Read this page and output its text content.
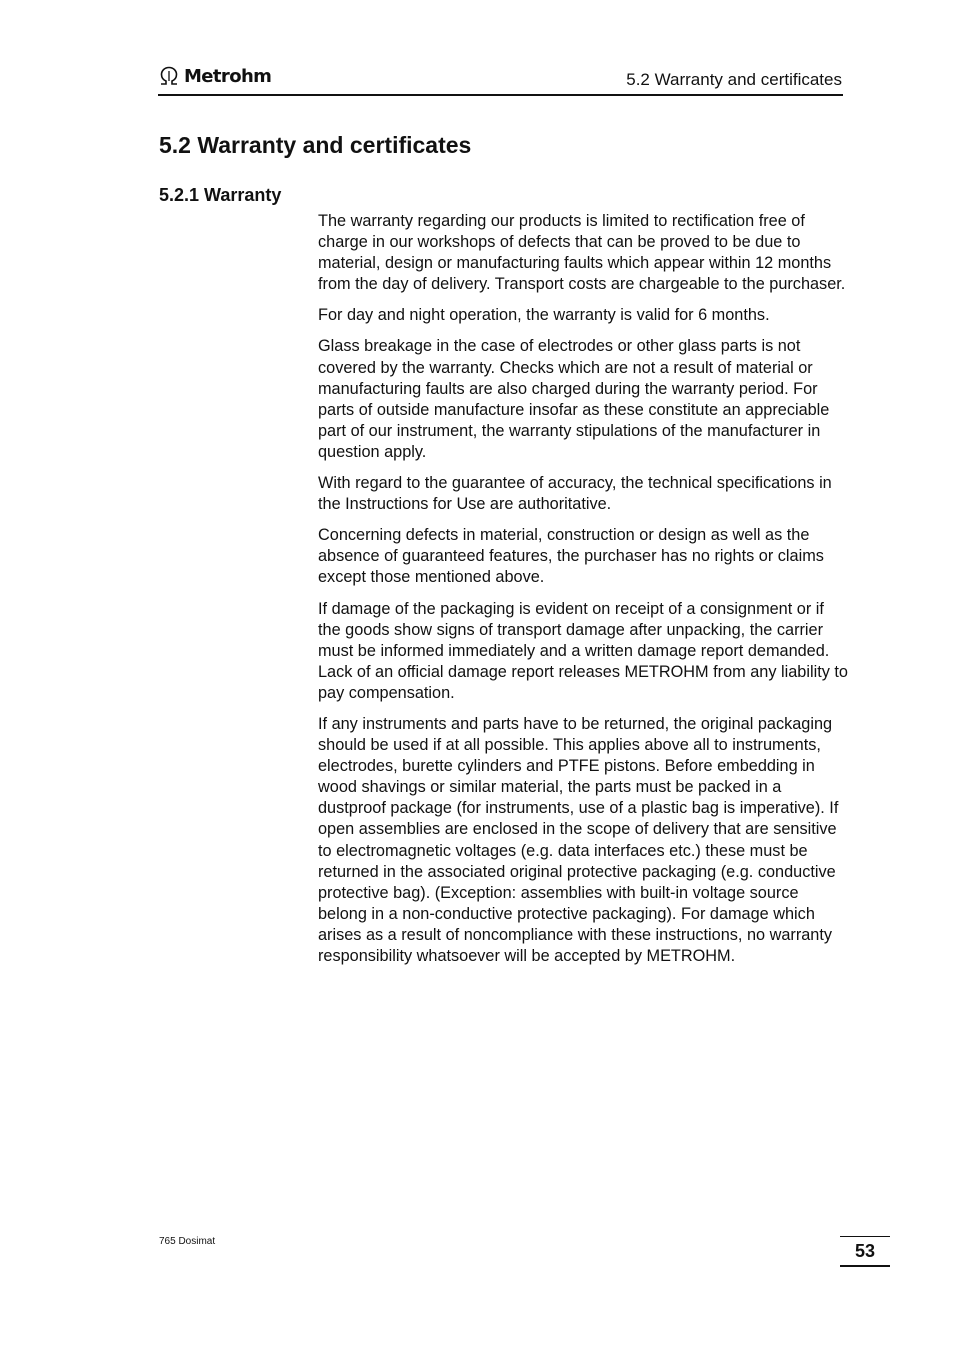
Metrohm	5.2 Warranty and certificates
5.2 Warranty and certificates
5.2.1 Warranty

The warranty regarding our products is limited to rectification free of charge in our workshops of defects that can be proved to be due to material, design or manufacturing faults which appear within 12 months from the day of delivery. Transport costs are chargeable to the purchaser.

For day and night operation, the warranty is valid for 6 months.

Glass breakage in the case of electrodes or other glass parts is not covered by the warranty. Checks which are not a result of material or manufacturing faults are also charged during the warranty period. For parts of outside manufacture insofar as these constitute an appreciable part of our instrument, the warranty stipulations of the manufacturer in question apply.

With regard to the guarantee of accuracy, the technical specifications in the Instructions for Use are authoritative.

Concerning defects in material, construction or design as well as the absence of guaranteed features, the purchaser has no rights or claims except those mentioned above.

If damage of the packaging is evident on receipt of a consignment or if the goods show signs of transport damage after unpacking, the carrier must be informed immediately and a written damage report demanded. Lack of an official damage report releases METROHM from any liability to pay compensation.

If any instruments and parts have to be returned, the original packaging should be used if at all possible. This applies above all to instruments, electrodes, burette cylinders and PTFE pistons. Before embedding in wood shavings or similar material, the parts must be packed in a dustproof package (for instruments, use of a plastic bag is imperative). If open assemblies are enclosed in the scope of delivery that are sensitive to electromagnetic voltages (e.g. data interfaces etc.) these must be returned in the associated original protective packaging (e.g. conductive protective bag). (Exception: assemblies with built-in voltage source belong in a non-conductive protective packaging). For damage which arises as a result of noncompliance with these instructions, no warranty responsibility whatsoever will be accepted by METROHM.

765 Dosimat	53
